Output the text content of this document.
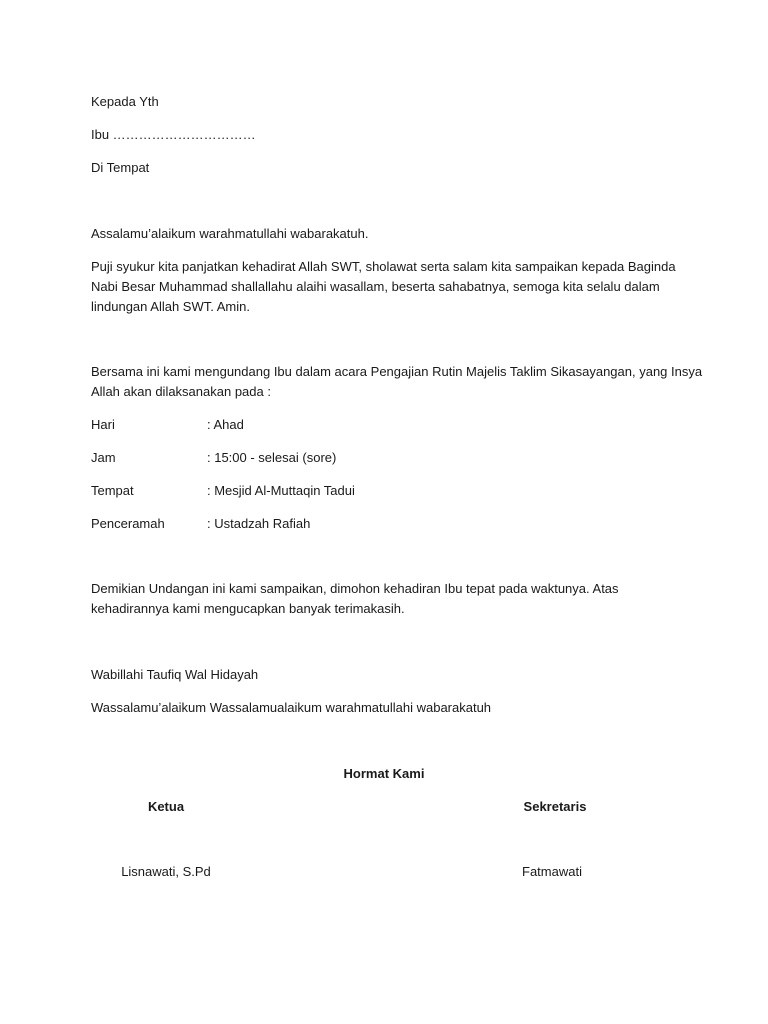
Kepada Yth

Ibu ……………………………

Di Tempat

Assalamu’alaikum warahmatullahi wabarakatuh.

Puji syukur kita panjatkan kehadirat Allah SWT, sholawat serta salam kita sampaikan kepada Baginda
Nabi Besar Muhammad shallallahu alaihi wasallam, beserta sahabatnya, semoga kita selalu dalam
lindungan Allah SWT. Amin.
Bersama ini kami mengundang Ibu dalam acara Pengajian Rutin Majelis Taklim Sikasayangan, yang Insya
Allah akan dilaksanakan pada :
Hari	: Ahad
Jam	: 15:00 - selesai (sore)
Tempat	: Mesjid Al-Muttaqin Tadui
Penceramah	: Ustadzah Rafiah
Demikian Undangan ini kami sampaikan, dimohon kehadiran Ibu tepat pada waktunya. Atas
kehadirannya kami mengucapkan banyak terimakasih.

Wabillahi Taufiq Wal Hidayah

Wassalamu’alaikum Wassalamualaikum warahmatullahi wabarakatuh

Hormat Kami
Ketua	Sekretaris
Lisnawati, S.Pd	Fatmawati
